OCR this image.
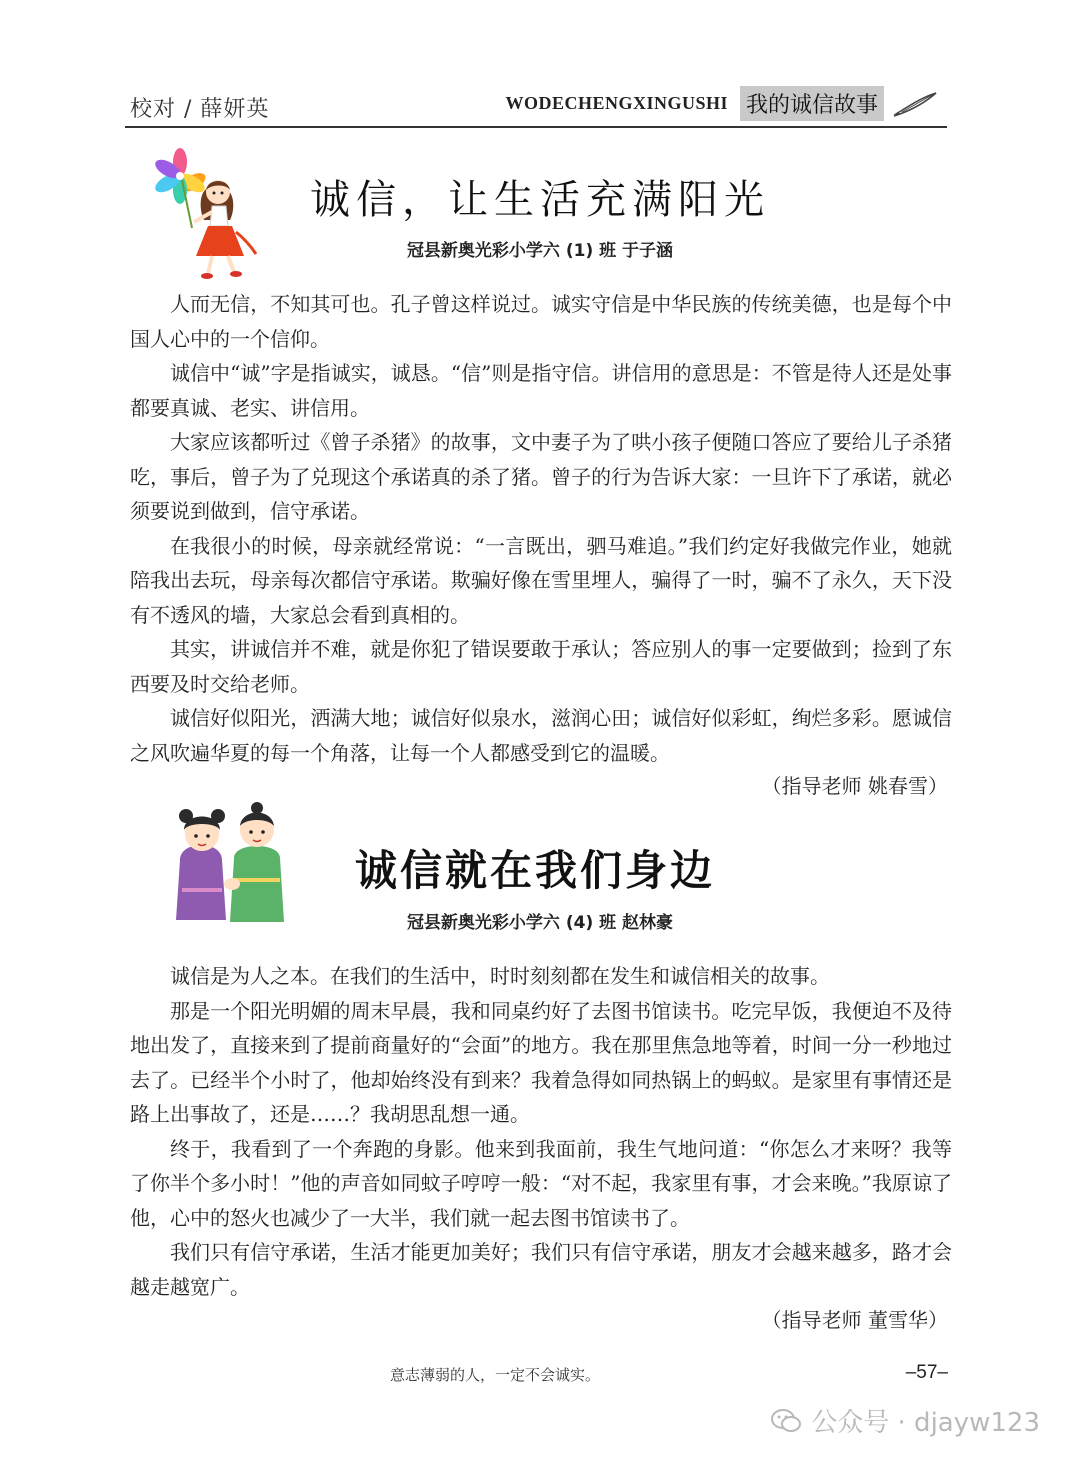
校对 / 薛妍英	WODECHENGXINGUSHI 我的诚信故事
诚信，让生活充满阳光
冠县新奥光彩小学六 (1) 班 于子涵

人而无信，不知其可也。孔子曾这样说过。诚实守信是中华民族的传统美德，也是每个中国人心中的一个信仰。

诚信中“诚”字是指诚实，诚恳。“信”则是指守信。讲信用的意思是：不管是待人还是处事都要真诚、老实、讲信用。

大家应该都听过《曾子杀猪》的故事，文中妻子为了哄小孩子便随口答应了要给儿子杀猪吃，事后，曾子为了兑现这个承诺真的杀了猪。曾子的行为告诉大家：一旦许下了承诺，就必须要说到做到，信守承诺。

在我很小的时候，母亲就经常说：“一言既出，驷马难追。”我们约定好我做完作业，她就陪我出去玩，母亲每次都信守承诺。欺骗好像在雪里埋人，骗得了一时，骗不了永久，天下没有不透风的墙，大家总会看到真相的。

其实，讲诚信并不难，就是你犯了错误要敢于承认；答应别人的事一定要做到；捡到了东西要及时交给老师。

诚信好似阳光，洒满大地；诚信好似泉水，滋润心田；诚信好似彩虹，绚烂多彩。愿诚信之风吹遍华夏的每一个角落，让每一个人都感受到它的温暖。

（指导老师 姚春雪）
诚信就在我们身边
冠县新奥光彩小学六 (4) 班 赵林豪

诚信是为人之本。在我们的生活中，时时刻刻都在发生和诚信相关的故事。

那是一个阳光明媚的周末早晨，我和同桌约好了去图书馆读书。吃完早饭，我便迫不及待地出发了，直接来到了提前商量好的“会面”的地方。我在那里焦急地等着，时间一分一秒地过去了。已经半个小时了，他却始终没有到来？我着急得如同热锅上的蚂蚁。是家里有事情还是路上出事故了，还是……？我胡思乱想一通。

终于，我看到了一个奔跑的身影。他来到我面前，我生气地问道：“你怎么才来呀？我等了你半个多小时！”他的声音如同蚊子哼哼一般：“对不起，我家里有事，才会来晚。”我原谅了他，心中的怒火也减少了一大半，我们就一起去图书馆读书了。

我们只有信守承诺，生活才能更加美好；我们只有信守承诺，朋友才会越来越多，路才会越走越宽广。

（指导老师 董雪华）
意志薄弱的人，一定不会诚实。	–57–
公众号 · djayw123
